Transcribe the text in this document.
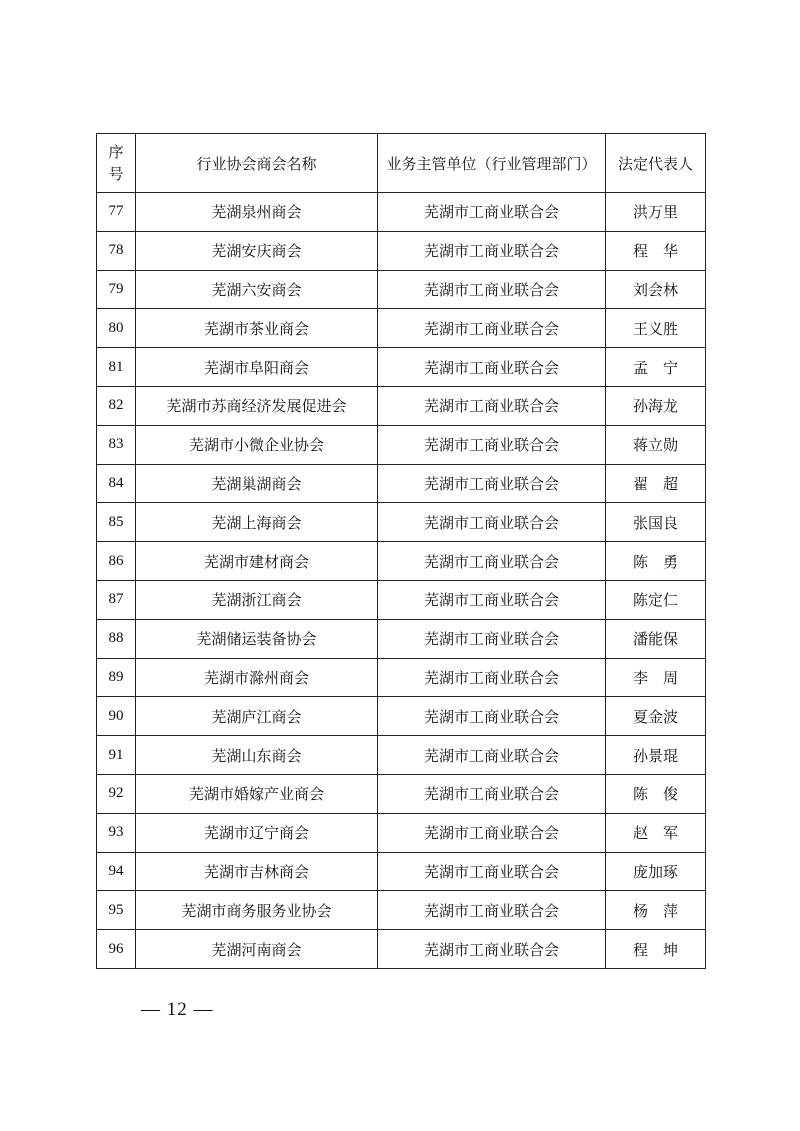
序
号	行业协会商会名称	业务主管单位（行业管理部门）	法定代表人
77	芜湖泉州商会	芜湖市工商业联合会	洪万里
78	芜湖安庆商会	芜湖市工商业联合会	程　华
79	芜湖六安商会	芜湖市工商业联合会	刘会林
80	芜湖市茶业商会	芜湖市工商业联合会	王义胜
81	芜湖市阜阳商会	芜湖市工商业联合会	孟　宁
82	芜湖市苏商经济发展促进会	芜湖市工商业联合会	孙海龙
83	芜湖市小微企业协会	芜湖市工商业联合会	蒋立勋
84	芜湖巢湖商会	芜湖市工商业联合会	翟　超
85	芜湖上海商会	芜湖市工商业联合会	张国良
86	芜湖市建材商会	芜湖市工商业联合会	陈　勇
87	芜湖浙江商会	芜湖市工商业联合会	陈定仁
88	芜湖储运装备协会	芜湖市工商业联合会	潘能保
89	芜湖市滁州商会	芜湖市工商业联合会	李　周
90	芜湖庐江商会	芜湖市工商业联合会	夏金波
91	芜湖山东商会	芜湖市工商业联合会	孙景琨
92	芜湖市婚嫁产业商会	芜湖市工商业联合会	陈　俊
93	芜湖市辽宁商会	芜湖市工商业联合会	赵　军
94	芜湖市吉林商会	芜湖市工商业联合会	庞加琢
95	芜湖市商务服务业协会	芜湖市工商业联合会	杨　萍
96	芜湖河南商会	芜湖市工商业联合会	程　坤
— 12 —
